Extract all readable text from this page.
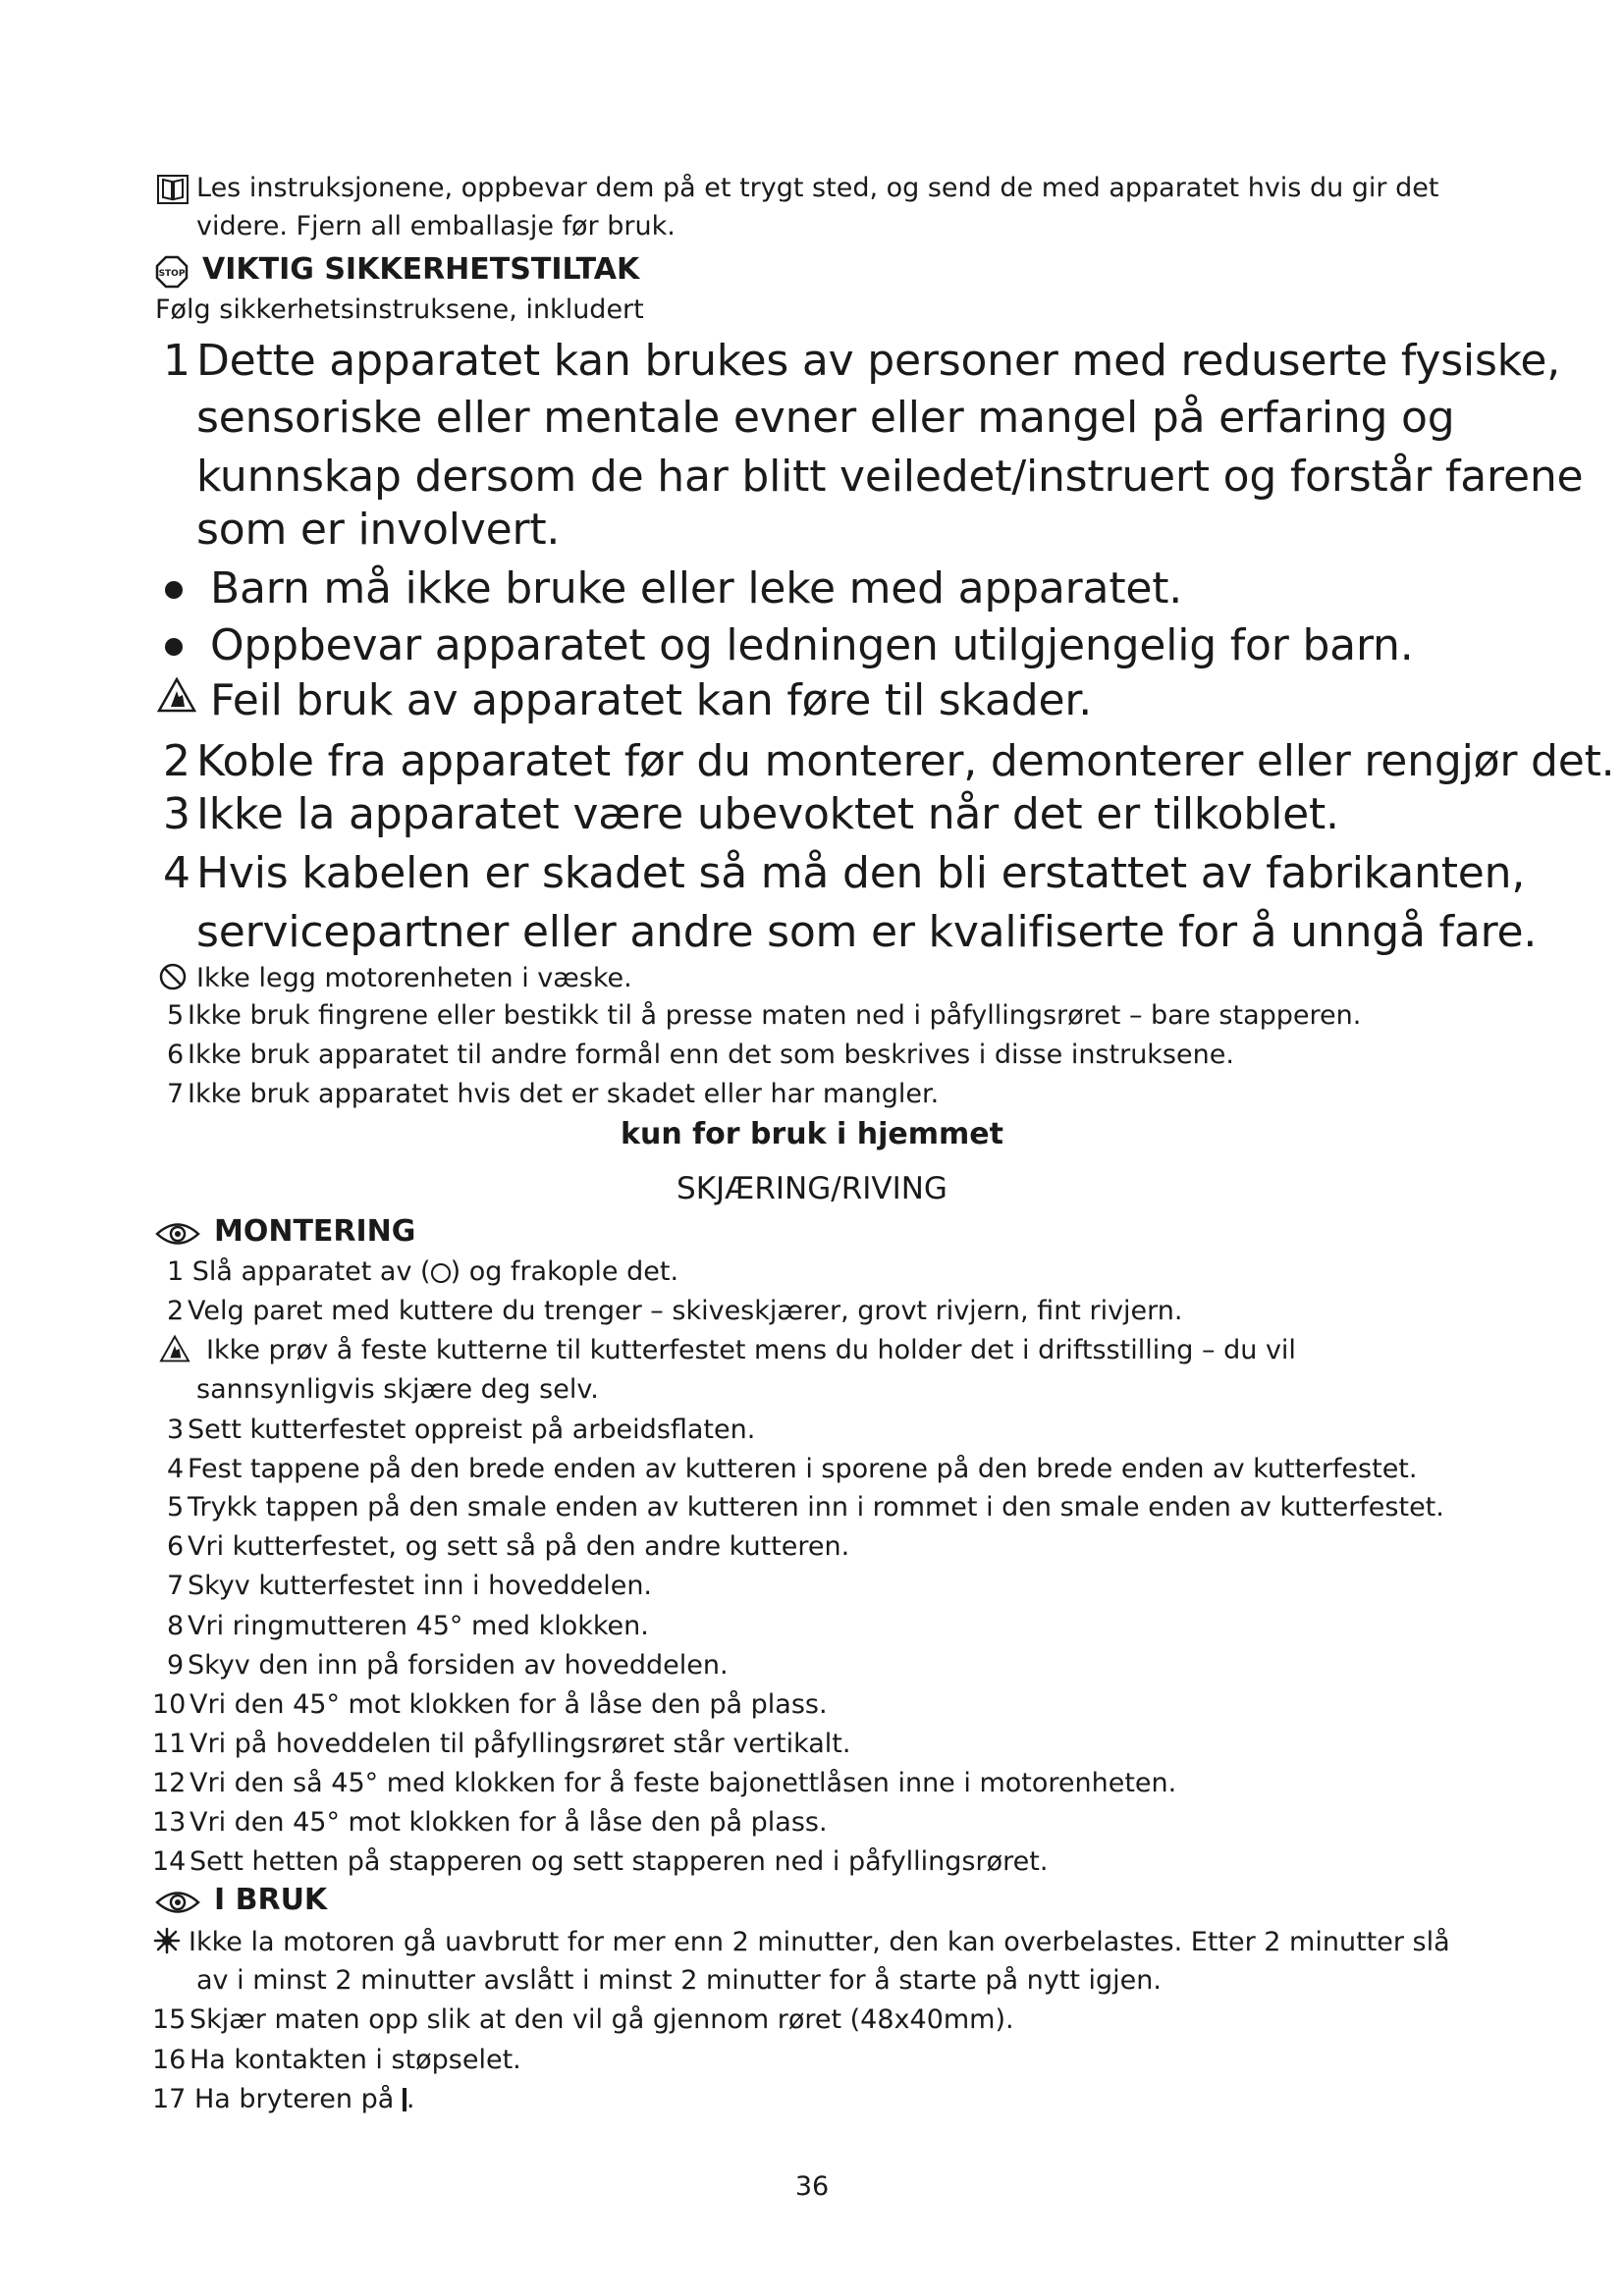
Les instruksjonene, oppbevar dem på et trygt sted, og send de med apparatet hvis du gir det
videre. Fjern all emballasje før bruk.
STOP VIKTIG SIKKERHETSTILTAK
Følg sikkerhetsinstruksene, inkludert
1 Dette apparatet kan brukes av personer med reduserte fysiske,
sensoriske eller mentale evner eller mangel på erfaring og
kunnskap dersom de har blitt veiledet/instruert og forstår farene
som er involvert.
Barn må ikke bruke eller leke med apparatet.
Oppbevar apparatet og ledningen utilgjengelig for barn.
Feil bruk av apparatet kan føre til skader.
2 Koble fra apparatet før du monterer, demonterer eller rengjør det.
3 Ikke la apparatet være ubevoktet når det er tilkoblet.
4 Hvis kabelen er skadet så må den bli erstattet av fabrikanten,
servicepartner eller andre som er kvalifiserte for å unngå fare.
Ikke legg motorenheten i væske.
5 Ikke bruk fingrene eller bestikk til å presse maten ned i påfyllingsrøret – bare stapperen.
6 Ikke bruk apparatet til andre formål enn det som beskrives i disse instruksene.
7 Ikke bruk apparatet hvis det er skadet eller har mangler.
kun for bruk i hjemmet
SKJÆRING/RIVING
MONTERING
1 Slå apparatet av ( ) og frakople det.
2 Velg paret med kuttere du trenger – skiveskjærer, grovt rivjern, fint rivjern.
Ikke prøv å feste kutterne til kutterfestet mens du holder det i driftsstilling – du vil
sannsynligvis skjære deg selv.
3 Sett kutterfestet oppreist på arbeidsflaten.
4 Fest tappene på den brede enden av kutteren i sporene på den brede enden av kutterfestet.
5 Trykk tappen på den smale enden av kutteren inn i rommet i den smale enden av kutterfestet.
6 Vri kutterfestet, og sett så på den andre kutteren.
7 Skyv kutterfestet inn i hoveddelen.
8 Vri ringmutteren 45° med klokken.
9 Skyv den inn på forsiden av hoveddelen.
10 Vri den 45° mot klokken for å låse den på plass.
11 Vri på hoveddelen til påfyllingsrøret står vertikalt.
12 Vri den så 45° med klokken for å feste bajonettlåsen inne i motorenheten.
13 Vri den 45° mot klokken for å låse den på plass.
14 Sett hetten på stapperen og sett stapperen ned i påfyllingsrøret.
I BRUK
Ikke la motoren gå uavbrutt for mer enn 2 minutter, den kan overbelastes. Etter 2 minutter slå
av i minst 2 minutter avslått i minst 2 minutter for å starte på nytt igjen.
15 Skjær maten opp slik at den vil gå gjennom røret (48x40mm).
16 Ha kontakten i støpselet.
17 Ha bryteren på .
36
